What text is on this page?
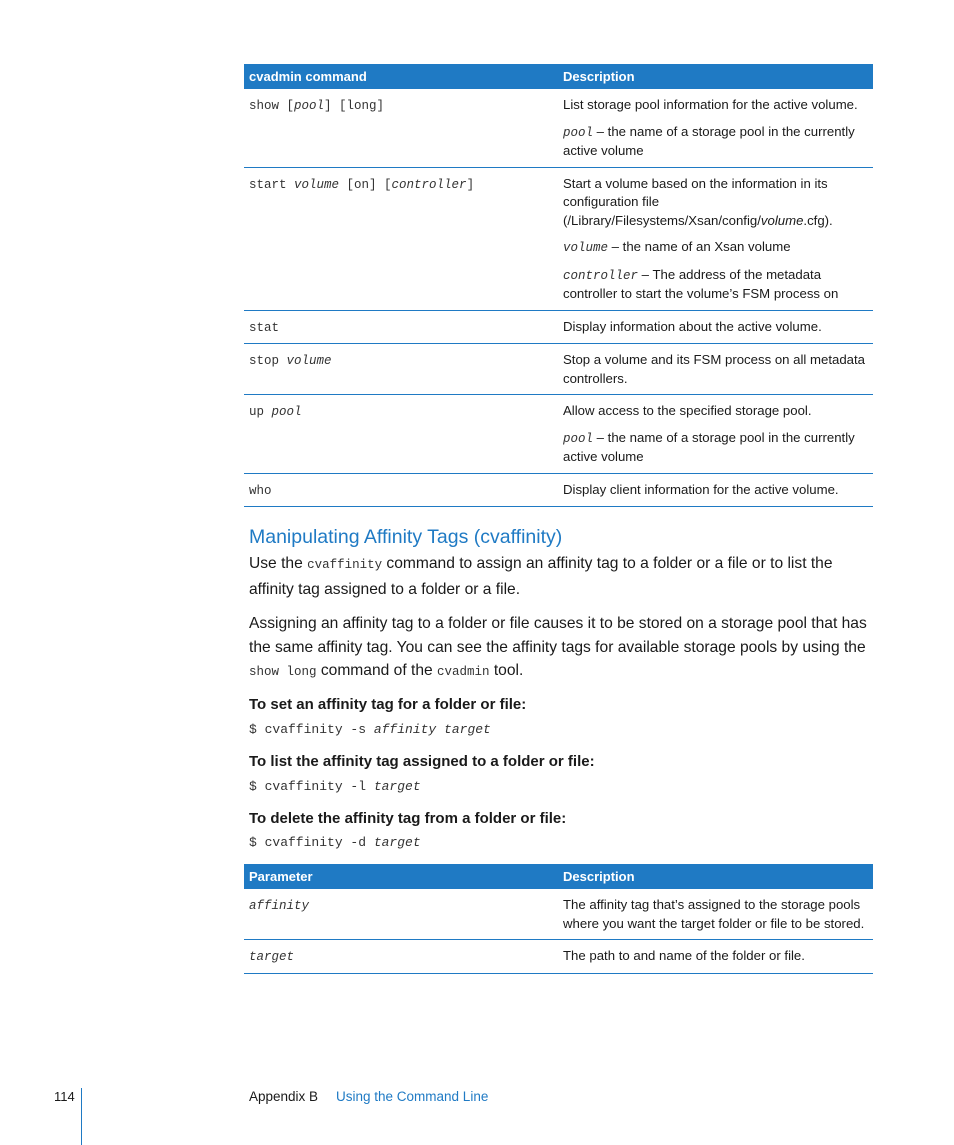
cvadmin command	Description
show [pool] [long]	List storage pool information for the active volume.

pool – the name of a storage pool in the currently active volume

start volume [on] [controller]	Start a volume based on the information in its configuration file (/Library/Filesystems/Xsan/config/volume.cfg).

volume – the name of an Xsan volume

controller – The address of the metadata controller to start the volume’s FSM process on

stat	Display information about the active volume.

stop volume	Stop a volume and its FSM process on all metadata controllers.

up pool	Allow access to the specified storage pool.

pool – the name of a storage pool in the currently active volume

who	Display client information for the active volume.

Manipulating Affinity Tags (cvaffinity)

Use the cvaffinity command to assign an affinity tag to a folder or a file or to list the affinity tag assigned to a folder or a file.

Assigning an affinity tag to a folder or file causes it to be stored on a storage pool that has the same affinity tag. You can see the affinity tags for available storage pools by using the show long command of the cvadmin tool.

To set an affinity tag for a folder or file:

$ cvaffinity -s affinity target

To list the affinity tag assigned to a folder or file:

$ cvaffinity -l target

To delete the affinity tag from a folder or file:

$ cvaffinity -d target

Parameter	Description
affinity	The affinity tag that’s assigned to the storage pools where you want the target folder or file to be stored.

target	The path to and name of the folder or file.

114	Appendix B Using the Command Line
